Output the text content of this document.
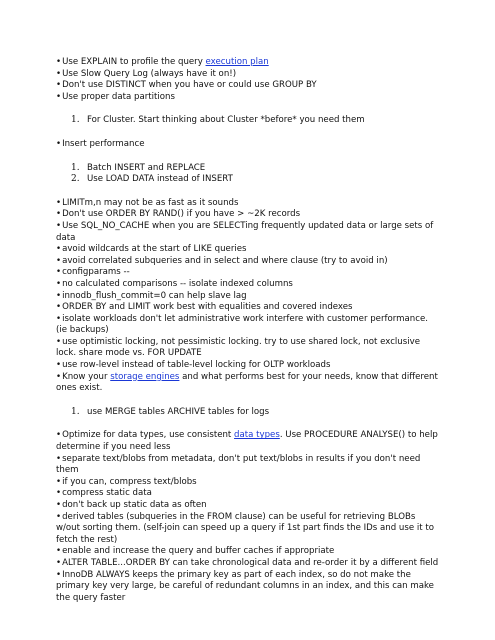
•Use EXPLAIN to profile the query execution plan
•Use Slow Query Log (always have it on!)
•Don't use DISTINCT when you have or could use GROUP BY
•Use proper data partitions
1. For Cluster. Start thinking about Cluster *before* you need them
•Insert performance
1. Batch INSERT and REPLACE
2. Use LOAD DATA instead of INSERT
•LIMITm,n may not be as fast as it sounds
•Don't use ORDER BY RAND() if you have > ~2K records
•Use SQL_NO_CACHE when you are SELECTing frequently updated data or large sets of data
•avoid wildcards at the start of LIKE queries
•avoid correlated subqueries and in select and where clause (try to avoid in)
•configparams --
•no calculated comparisons -- isolate indexed columns
•innodb_flush_commit=0 can help slave lag
•ORDER BY and LIMIT work best with equalities and covered indexes
•isolate workloads don't let administrative work interfere with customer performance. (ie backups)
•use optimistic locking, not pessimistic locking. try to use shared lock, not exclusive lock. share mode vs. FOR UPDATE
•use row-level instead of table-level locking for OLTP workloads
•Know your storage engines and what performs best for your needs, know that different ones exist.
1. use MERGE tables ARCHIVE tables for logs
•Optimize for data types, use consistent data types. Use PROCEDURE ANALYSE() to help determine if you need less
•separate text/blobs from metadata, don't put text/blobs in results if you don't need them
•if you can, compress text/blobs
•compress static data
•don't back up static data as often
•derived tables (subqueries in the FROM clause) can be useful for retrieving BLOBs w/out sorting them. (self-join can speed up a query if 1st part finds the IDs and use it to fetch the rest)
•enable and increase the query and buffer caches if appropriate
•ALTER TABLE...ORDER BY can take chronological data and re-order it by a different field
•InnoDB ALWAYS keeps the primary key as part of each index, so do not make the primary key very large, be careful of redundant columns in an index, and this can make the query faster
